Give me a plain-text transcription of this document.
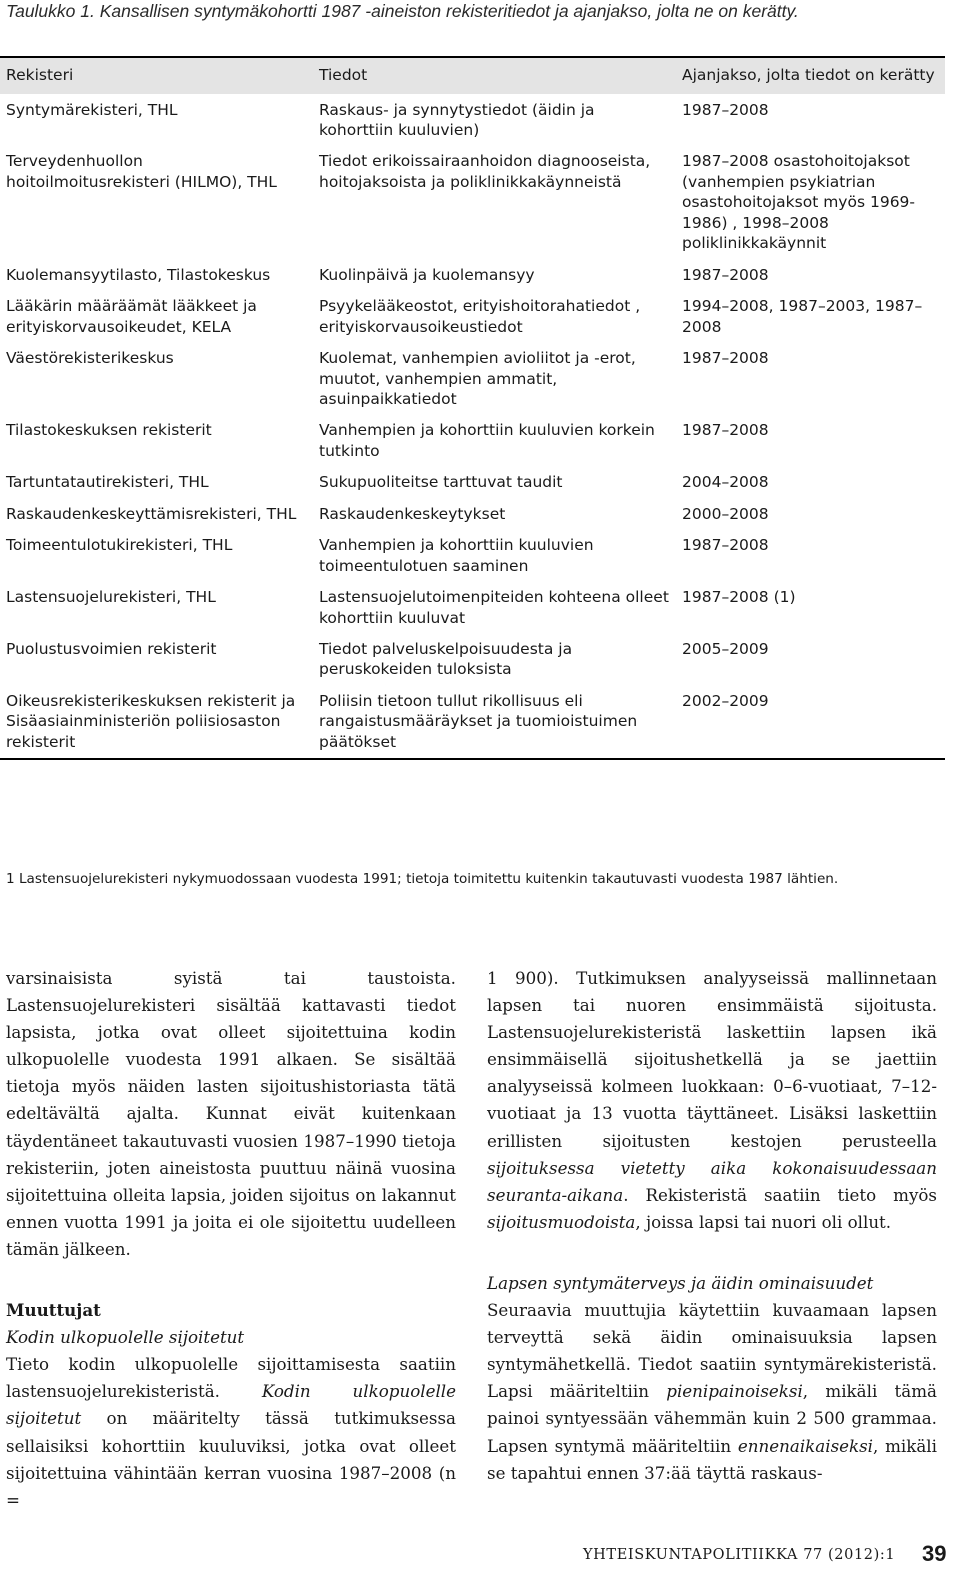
Taulukko 1. Kansallisen syntymäkohortti 1987 -aineiston rekisteritiedot ja ajanjakso, jolta ne on kerätty.
Rekisteri	Tiedot	Ajanjakso, jolta tiedot on kerätty
Syntymärekisteri, THL	Raskaus- ja synnytystiedot (äidin ja kohorttiin kuuluvien)	1987–2008
Terveydenhuollon hoitoilmoitusrekisteri (HILMO), THL	Tiedot erikoissairaanhoidon diagnooseista, hoitojaksoista ja poliklinikkakäynneistä	1987–2008 osastohoitojaksot (vanhempien psykiatrian osastohoitojaksot myös 1969-1986) , 1998–2008 poliklinikkakäynnit
Kuolemansyytilasto, Tilastokeskus	Kuolinpäivä ja kuolemansyy	1987–2008
Lääkärin määräämät lääkkeet ja erityiskorvausoikeudet, KELA	Psyykelääkeostot, erityishoitorahatiedot , erityiskorvausoikeustiedot	1994–2008, 1987–2003, 1987–2008
Väestörekisterikeskus	Kuolemat, vanhempien avioliitot ja -erot, muutot, vanhempien ammatit, asuinpaikkatiedot	1987–2008
Tilastokeskuksen rekisterit	Vanhempien ja kohorttiin kuuluvien korkein tutkinto	1987–2008
Tartuntatautirekisteri, THL	Sukupuoliteitse tarttuvat taudit	2004–2008
Raskaudenkeskeyttämisrekisteri, THL	Raskaudenkeskeytykset	2000–2008
Toimeentulotukirekisteri, THL	Vanhempien ja kohorttiin kuuluvien toimeentulotuen saaminen	1987–2008
Lastensuojelurekisteri, THL	Lastensuojelutoimenpiteiden kohteena olleet kohorttiin kuuluvat	1987–2008 (1)
Puolustusvoimien rekisterit	Tiedot palveluskelpoisuudesta ja peruskokeiden tuloksista	2005–2009
Oikeusrekisterikeskuksen rekisterit ja Sisäasiainministeriön poliisiosaston rekisterit	Poliisin tietoon tullut rikollisuus eli rangaistusmääräykset ja tuomioistuimen päätökset	2002–2009
1 Lastensuojelurekisteri nykymuodossaan vuodesta 1991; tietoja toimitettu kuitenkin takautuvasti vuodesta 1987 lähtien.

varsinaisista syistä tai taustoista. Lastensuojelurekisteri sisältää kattavasti tiedot lapsista, jotka ovat olleet sijoitettuina kodin ulkopuolelle vuodesta 1991 alkaen. Se sisältää tietoja myös näiden lasten sijoitushistoriasta tätä edeltävältä ajalta. Kunnat eivät kuitenkaan täydentäneet takautuvasti vuosien 1987–1990 tietoja rekisteriin, joten aineistosta puuttuu näinä vuosina sijoitettuina olleita lapsia, joiden sijoitus on lakannut ennen vuotta 1991 ja joita ei ole sijoitettu uudelleen tämän jälkeen.

Muuttujat
Kodin ulkopuolelle sijoitetut

Tieto kodin ulkopuolelle sijoittamisesta saatiin lastensuojelurekisteristä. Kodin ulkopuolelle sijoitetut on määritelty tässä tutkimuksessa sellaisiksi kohorttiin kuuluviksi, jotka ovat olleet sijoitettuina vähintään kerran vuosina 1987–2008 (n =

1 900). Tutkimuksen analyyseissä mallinnetaan lapsen tai nuoren ensimmäistä sijoitusta. Lastensuojelurekisteristä laskettiin lapsen ikä ensimmäisellä sijoitushetkellä ja se jaettiin analyyseissä kolmeen luokkaan: 0–6-vuotiaat, 7–12-vuotiaat ja 13 vuotta täyttäneet. Lisäksi laskettiin erillisten sijoitusten kestojen perusteella sijoituksessa vietetty aika kokonaisuudessaan seuranta-aikana. Rekisteristä saatiin tieto myös sijoitusmuodoista, joissa lapsi tai nuori oli ollut.

Lapsen syntymäterveys ja äidin ominaisuudet

Seuraavia muuttujia käytettiin kuvaamaan lapsen terveyttä sekä äidin ominaisuuksia lapsen syntymähetkellä. Tiedot saatiin syntymärekisteristä. Lapsi määriteltiin pienipainoiseksi, mikäli tämä painoi syntyessään vähemmän kuin 2 500 grammaa. Lapsen syntymä määriteltiin ennenaikaiseksi, mikäli se tapahtui ennen 37:ää täyttä raskaus-

YHTEISKUNTAPOLITIIKKA 77 (2012):1 39
